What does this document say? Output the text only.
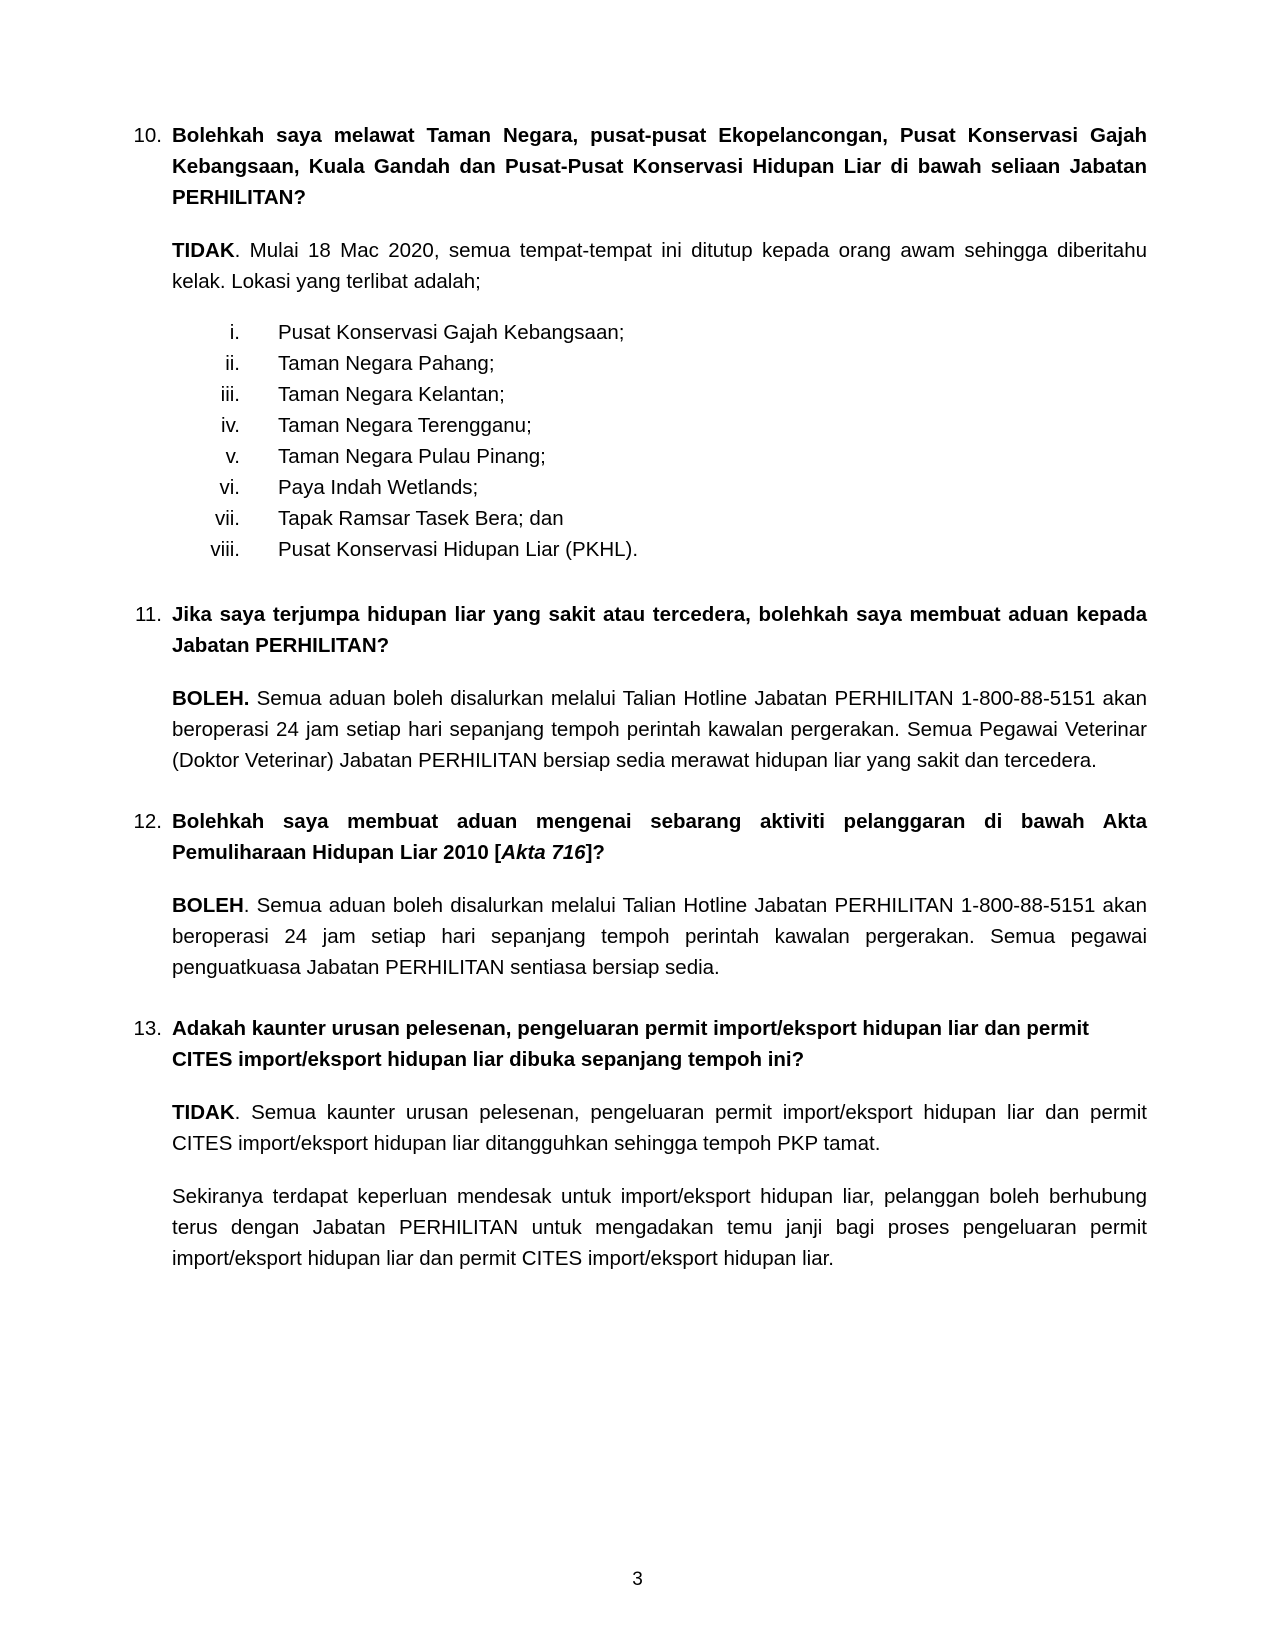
10. Bolehkah saya melawat Taman Negara, pusat-pusat Ekopelancongan, Pusat Konservasi Gajah Kebangsaan, Kuala Gandah dan Pusat-Pusat Konservasi Hidupan Liar di bawah seliaan Jabatan PERHILITAN?
TIDAK. Mulai 18 Mac 2020, semua tempat-tempat ini ditutup kepada orang awam sehingga diberitahu kelak. Lokasi yang terlibat adalah;
i.	Pusat Konservasi Gajah Kebangsaan;
ii.	Taman Negara Pahang;
iii.	Taman Negara Kelantan;
iv.	Taman Negara Terengganu;
v.	Taman Negara Pulau Pinang;
vi.	Paya Indah Wetlands;
vii.	Tapak Ramsar Tasek Bera; dan
viii.	Pusat Konservasi Hidupan Liar (PKHL).
11. Jika saya terjumpa hidupan liar yang sakit atau tercedera, bolehkah saya membuat aduan kepada Jabatan PERHILITAN?
BOLEH. Semua aduan boleh disalurkan melalui Talian Hotline Jabatan PERHILITAN 1-800-88-5151 akan beroperasi 24 jam setiap hari sepanjang tempoh perintah kawalan pergerakan. Semua Pegawai Veterinar (Doktor Veterinar) Jabatan PERHILITAN bersiap sedia merawat hidupan liar yang sakit dan tercedera.
12. Bolehkah saya membuat aduan mengenai sebarang aktiviti pelanggaran di bawah Akta Pemuliharaan Hidupan Liar 2010 [Akta 716]?
BOLEH. Semua aduan boleh disalurkan melalui Talian Hotline Jabatan PERHILITAN 1-800-88-5151 akan beroperasi 24 jam setiap hari sepanjang tempoh perintah kawalan pergerakan. Semua pegawai penguatkuasa Jabatan PERHILITAN sentiasa bersiap sedia.
13. Adakah kaunter urusan pelesenan, pengeluaran permit import/eksport hidupan liar dan permit CITES import/eksport hidupan liar dibuka sepanjang tempoh ini?
TIDAK. Semua kaunter urusan pelesenan, pengeluaran permit import/eksport hidupan liar dan permit CITES import/eksport hidupan liar ditangguhkan sehingga tempoh PKP tamat.
Sekiranya terdapat keperluan mendesak untuk import/eksport hidupan liar, pelanggan boleh berhubung terus dengan Jabatan PERHILITAN untuk mengadakan temu janji bagi proses pengeluaran permit import/eksport hidupan liar dan permit CITES import/eksport hidupan liar.
3
